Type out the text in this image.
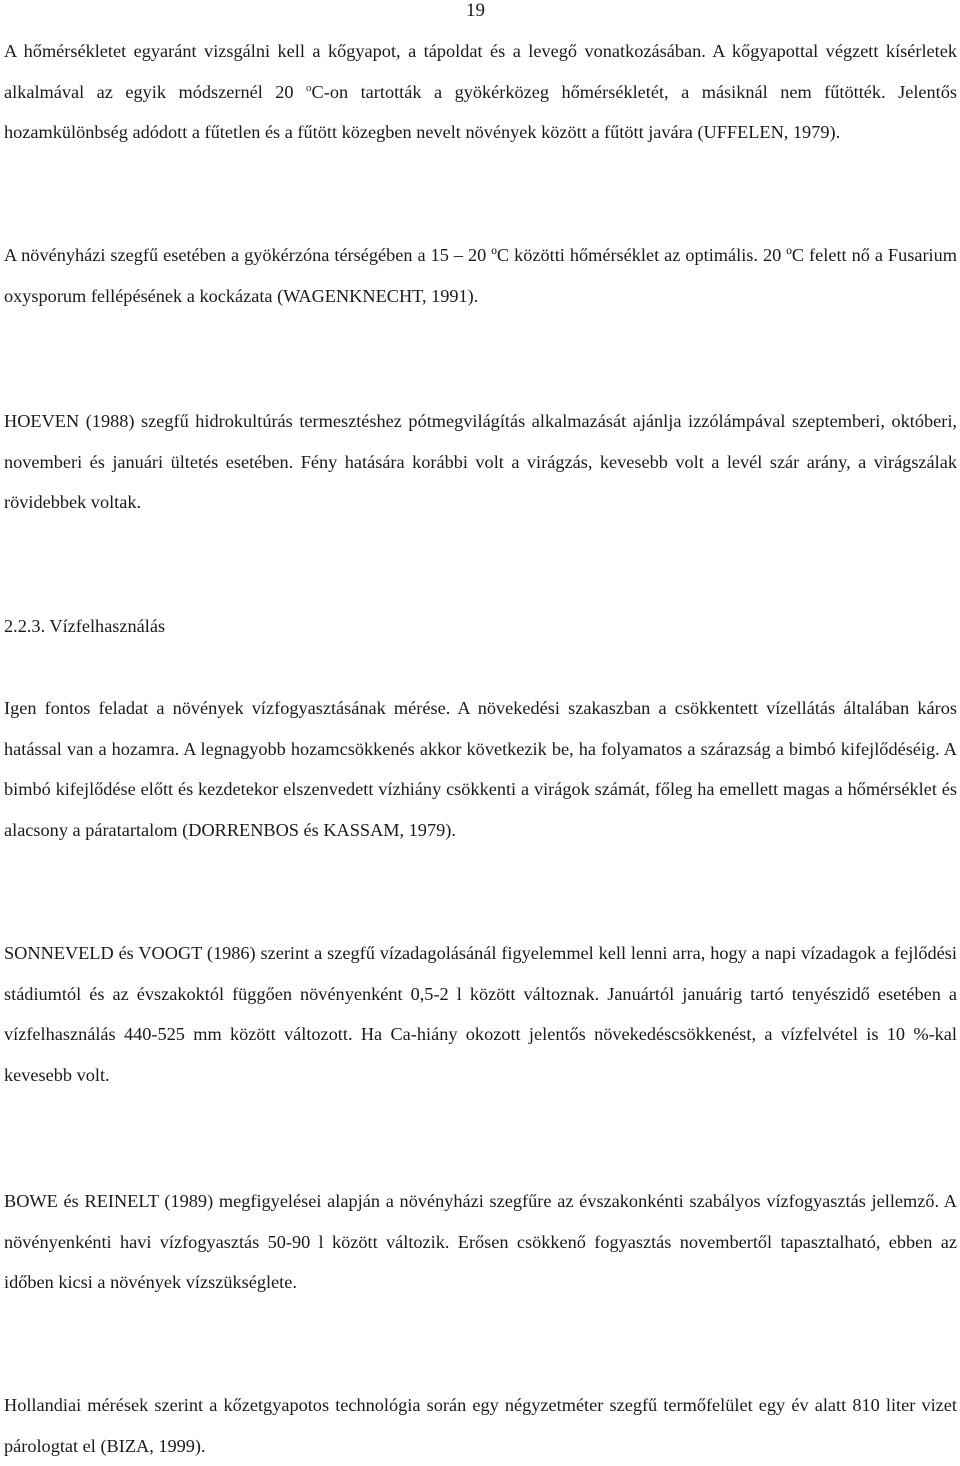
19

A hőmérsékletet egyaránt vizsgálni kell a kőgyapot, a tápoldat és a levegő vonatkozásában. A kőgyapottal végzett kísérletek alkalmával az egyik módszernél 20 $^o$C-on tartották a gyökérközeg hőmérsékletét, a másiknál nem fűtötték. Jelentős hozamkülönbség adódott a fűtetlen és a fűtött közegben nevelt növények között a fűtött javára (UFFELEN, 1979).

A növényházi szegfű esetében a gyökérzóna térségében a 15 – 20 ºC közötti hőmérséklet az optimális. 20 ºC felett nő a Fusarium oxysporum fellépésének a kockázata (WAGENKNECHT, 1991).

HOEVEN (1988) szegfű hidrokultúrás termesztéshez pótmegvilágítás alkalmazását ajánlja izzólámpával szeptemberi, októberi, novemberi és januári ültetés esetében. Fény hatására korábbi volt a virágzás, kevesebb volt a levél szár arány, a virágszálak rövidebbek voltak.

2.2.3. Vízfelhasználás

Igen fontos feladat a növények vízfogyasztásának mérése. A növekedési szakaszban a csökkentett vízellátás általában káros hatással van a hozamra. A legnagyobb hozamcsökkenés akkor következik be, ha folyamatos a szárazság a bimbó kifejlődéséig. A bimbó kifejlődése előtt és kezdetekor elszenvedett vízhiány csökkenti a virágok számát, főleg ha emellett magas a hőmérséklet és alacsony a páratartalom (DORRENBOS és KASSAM, 1979).

SONNEVELD és VOOGT (1986) szerint a szegfű vízadagolásánál figyelemmel kell lenni arra, hogy a napi vízadagok a fejlődési stádiumtól és az évszakoktól függően növényenként 0,5-2 l között változnak. Januártól januárig tartó tenyészidő esetében a vízfelhasználás 440-525 mm között változott. Ha Ca-hiány okozott jelentős növekedéscsökkenést, a vízfelvétel is 10 %-kal kevesebb volt.

BOWE és REINELT (1989) megfigyelései alapján a növényházi szegfűre az évszakonkénti szabályos vízfogyasztás jellemző. A növényenkénti havi vízfogyasztás 50-90 l között változik. Erősen csökkenő fogyasztás novembertől tapasztalható, ebben az időben kicsi a növények vízszükséglete.

Hollandiai mérések szerint a kőzetgyapotos technológia során egy négyzetméter szegfű termőfelület egy év alatt 810 liter vizet párologtat el (BIZA, 1999).
